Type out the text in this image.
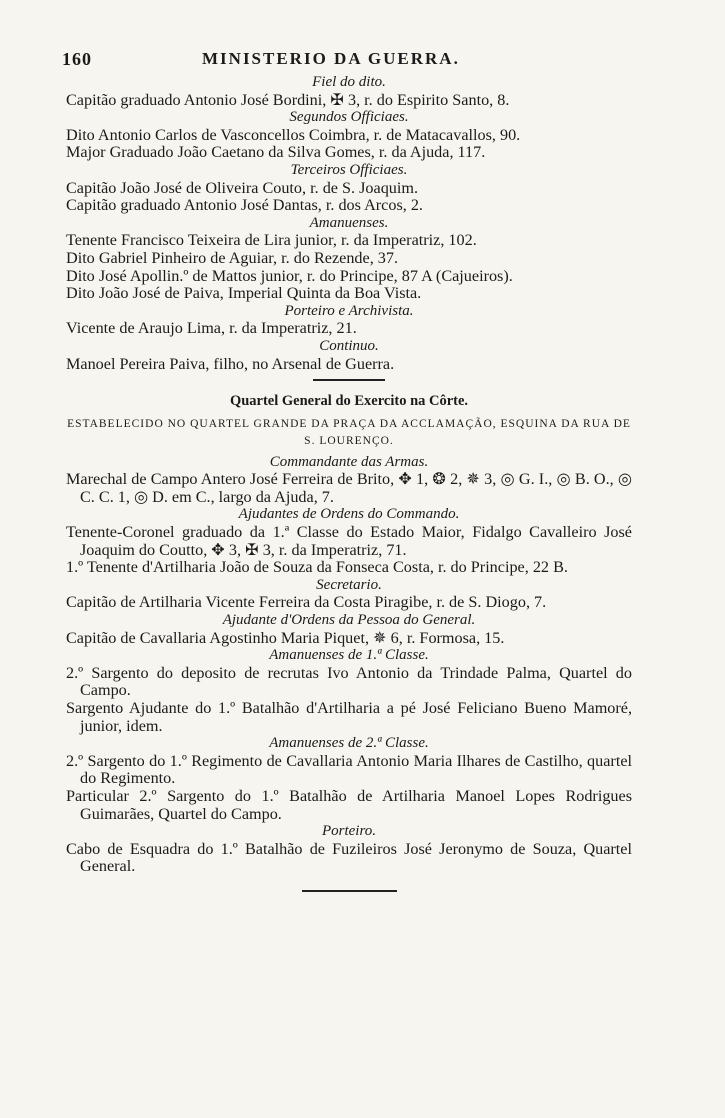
160	MINISTERIO DA GUERRA.
Fiel do dito.
Capitão graduado Antonio José Bordini, ✠ 3, r. do Espirito Santo, 8.
Segundos Officiaes.
Dito Antonio Carlos de Vasconcellos Coimbra, r. de Matacavallos, 90.
Major Graduado João Caetano da Silva Gomes, r. da Ajuda, 117.
Terceiros Officiaes.
Capitão João José de Oliveira Couto, r. de S. Joaquim.
Capitão graduado Antonio José Dantas, r. dos Arcos, 2.
Amanuenses.
Tenente Francisco Teixeira de Lira junior, r. da Imperatriz, 102.
Dito Gabriel Pinheiro de Aguiar, r. do Rezende, 37.
Dito José Apollin.º de Mattos junior, r. do Principe, 87 A (Cajueiros).
Dito João José de Paiva, Imperial Quinta da Boa Vista.
Porteiro e Archivista.
Vicente de Araujo Lima, r. da Imperatriz, 21.
Continuo.
Manoel Pereira Paiva, filho, no Arsenal de Guerra.
Quartel General do Exercito na Côrte.
ESTABELECIDO NO QUARTEL GRANDE DA PRAÇA DA ACCLAMAÇÃO, ESQUINA DA RUA DE S. LOURENÇO.
Commandante das Armas.
Marechal de Campo Antero José Ferreira de Brito, ✥ 1, ❂ 2, ✵ 3, ◎ G. I., ◎ B. O., ◎ C. C. 1, ◎ D. em C., largo da Ajuda, 7.
Ajudantes de Ordens do Commando.
Tenente-Coronel graduado da 1.ª Classe do Estado Maior, Fidalgo Cavalleiro José Joaquim do Coutto, ✥ 3, ✠ 3, r. da Imperatriz, 71.
1.º Tenente d'Artilharia João de Souza da Fonseca Costa, r. do Principe, 22 B.
Secretario.
Capitão de Artilharia Vicente Ferreira da Costa Piragibe, r. de S. Diogo, 7.
Ajudante d'Ordens da Pessoa do General.
Capitão de Cavallaria Agostinho Maria Piquet, ✵ 6, r. Formosa, 15.
Amanuenses de 1.ª Classe.
2.º Sargento do deposito de recrutas Ivo Antonio da Trindade Palma, Quartel do Campo.
Sargento Ajudante do 1.º Batalhão d'Artilharia a pé José Feliciano Bueno Mamoré, junior, idem.
Amanuenses de 2.ª Classe.
2.º Sargento do 1.º Regimento de Cavallaria Antonio Maria Ilhares de Castilho, quartel do Regimento.
Particular 2.º Sargento do 1.º Batalhão de Artilharia Manoel Lopes Rodrigues Guimarães, Quartel do Campo.
Porteiro.
Cabo de Esquadra do 1.º Batalhão de Fuzileiros José Jeronymo de Souza, Quartel General.
